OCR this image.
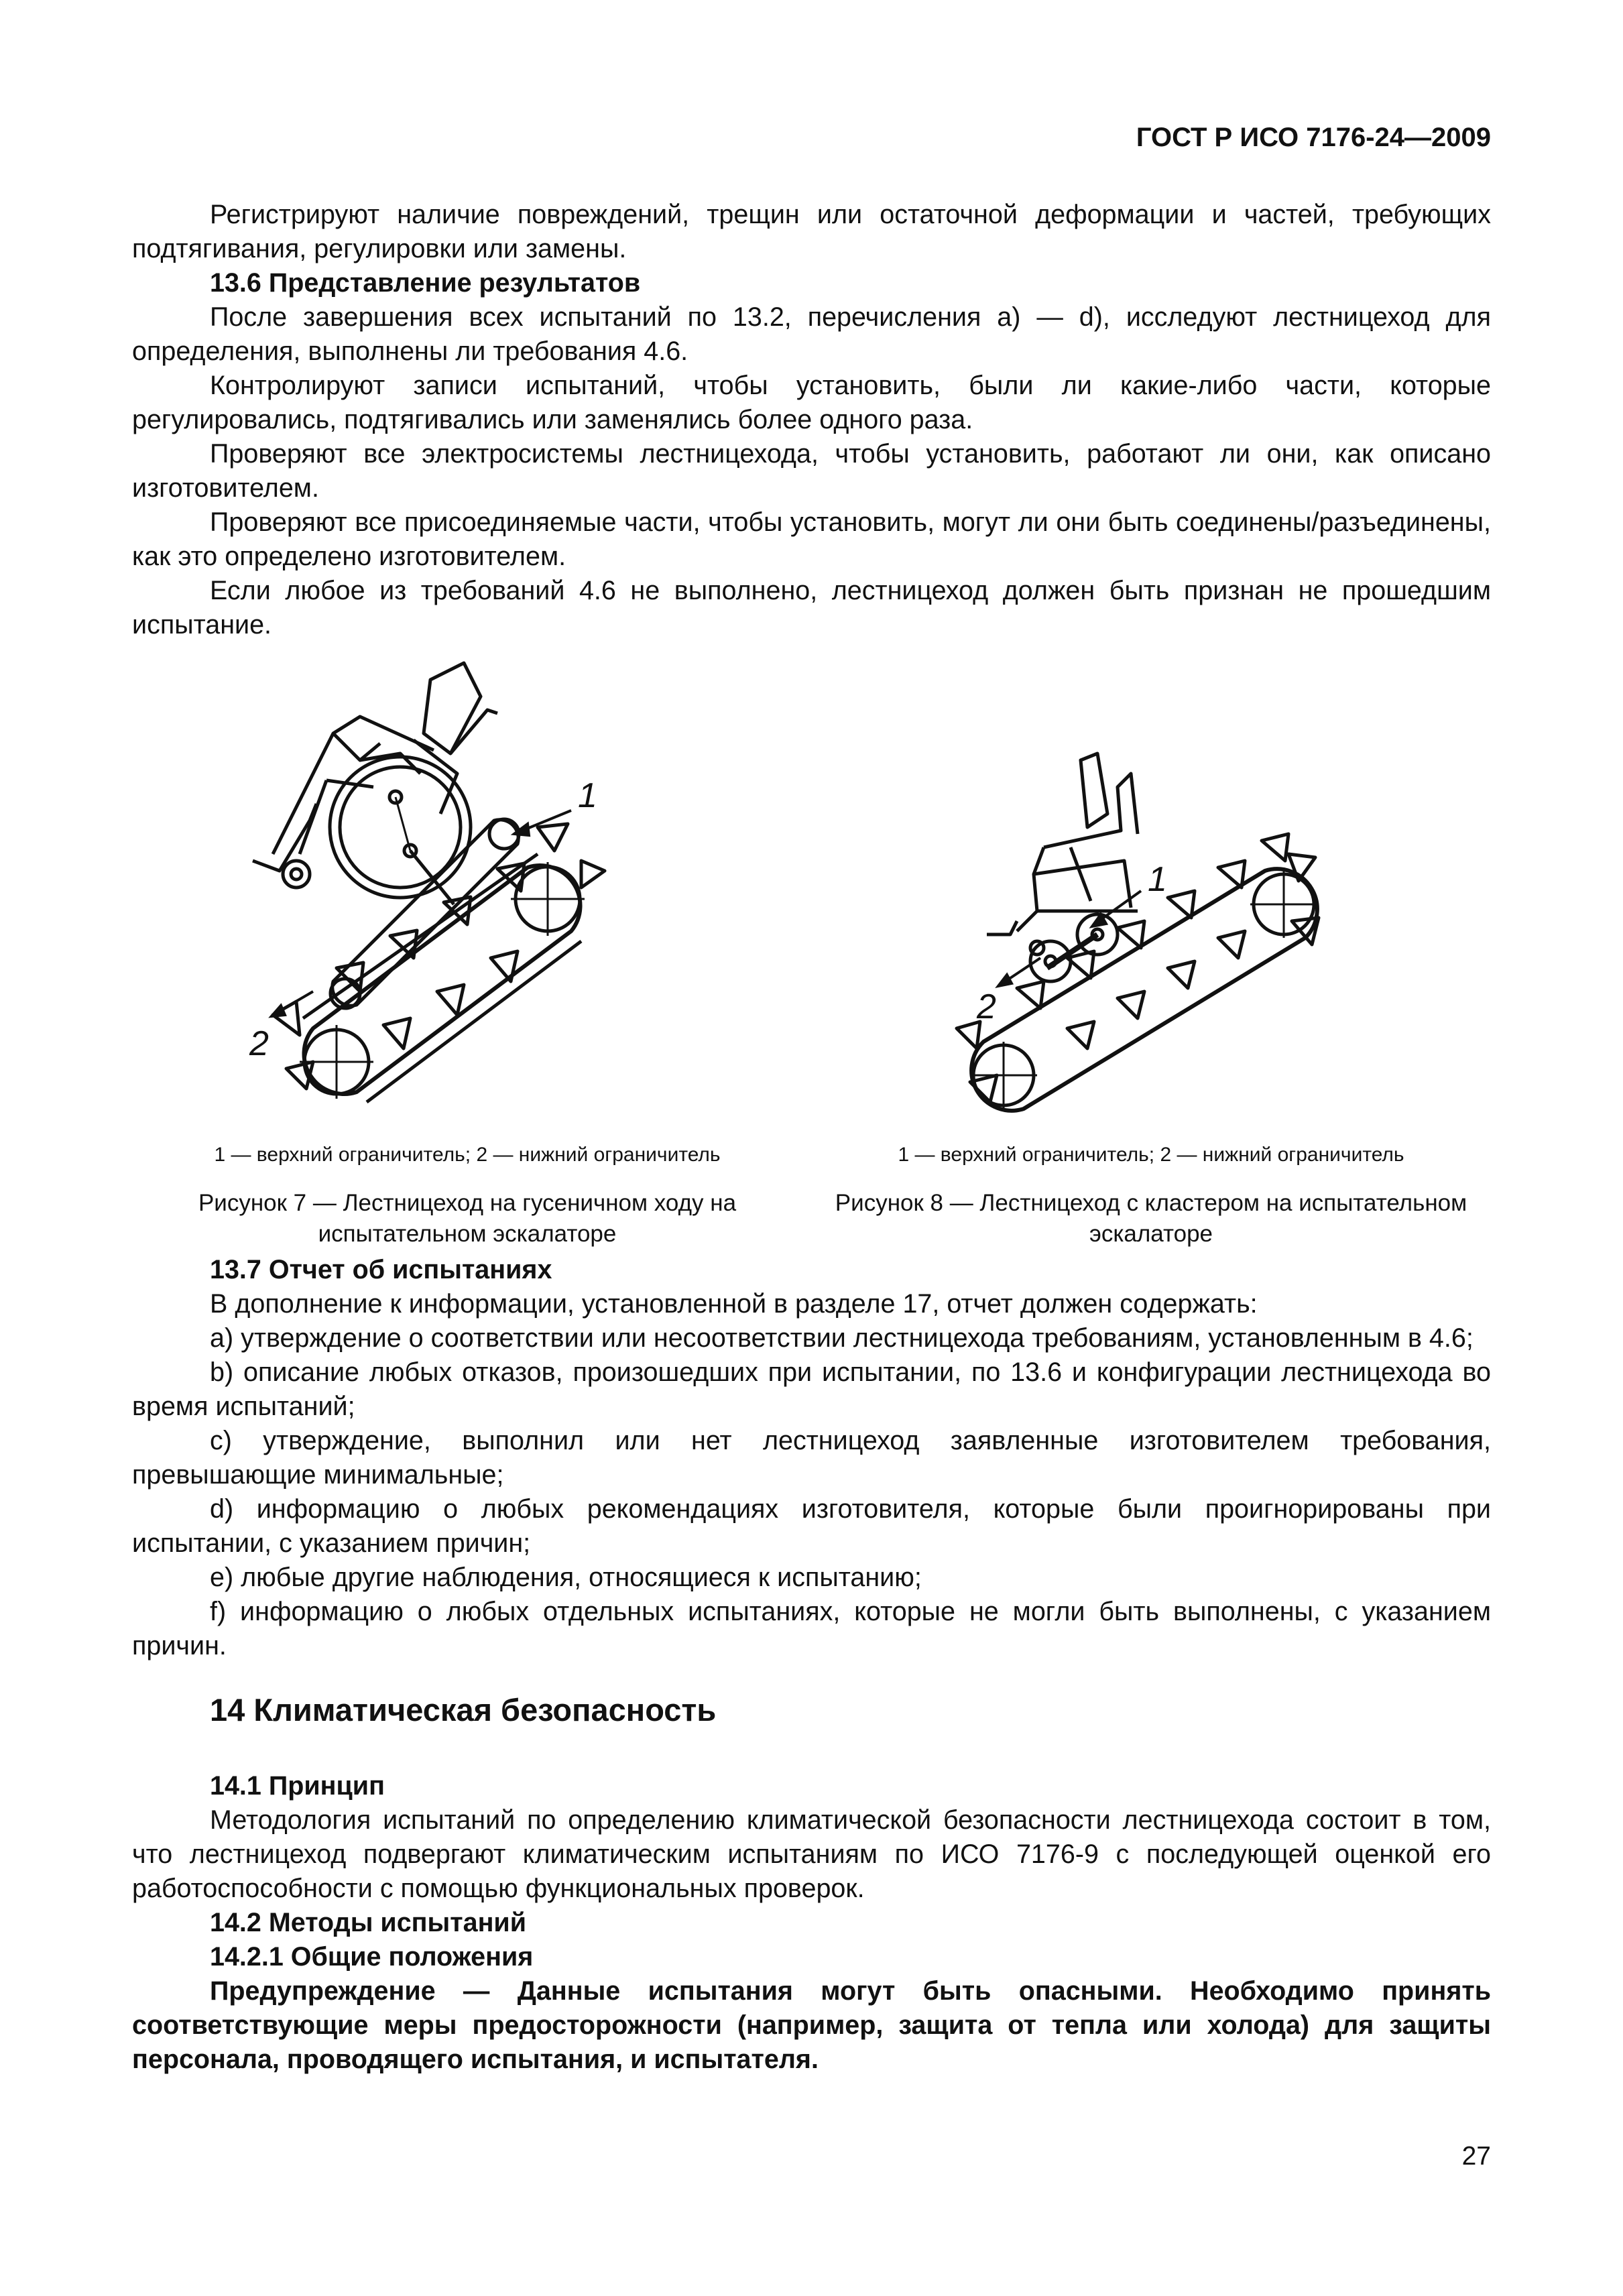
ГОСТ Р ИСО 7176-24—2009

Регистрируют наличие повреждений, трещин или остаточной деформации и частей, требующих подтягивания, регулировки или замены.

13.6 Представление результатов

После завершения всех испытаний по 13.2, перечисления а) — d), исследуют лестницеход для определения, выполнены ли требования 4.6.

Контролируют записи испытаний, чтобы установить, были ли какие-либо части, которые регулировались, подтягивались или заменялись более одного раза.

Проверяют все электросистемы лестницехода, чтобы установить, работают ли они, как описано изготовителем.

Проверяют все присоединяемые части, чтобы установить, могут ли они быть соединены/разъединены, как это определено изготовителем.

Если любое из требований 4.6 не выполнено, лестницеход должен быть признан не прошедшим испытание.

1
2
1 — верхний ограничитель; 2 — нижний ограничитель
Рисунок 7 — Лестницеход на гусеничном ходу на испытательном эскалаторе
1
2
1 — верхний ограничитель; 2 — нижний ограничитель
Рисунок 8 — Лестницеход с кластером на испытательном эскалаторе

13.7 Отчет об испытаниях

В дополнение к информации, установленной в разделе 17, отчет должен содержать:

a) утверждение о соответствии или несоответствии лестницехода требованиям, установленным в 4.6;

b) описание любых отказов, произошедших при испытании, по 13.6 и конфигурации лестницехода во время испытаний;

c) утверждение, выполнил или нет лестницеход заявленные изготовителем требования, превышающие минимальные;

d) информацию о любых рекомендациях изготовителя, которые были проигнорированы при испытании, с указанием причин;

e) любые другие наблюдения, относящиеся к испытанию;

f) информацию о любых отдельных испытаниях, которые не могли быть выполнены, с указанием причин.

14 Климатическая безопасность

14.1 Принцип

Методология испытаний по определению климатической безопасности лестницехода состоит в том, что лестницеход подвергают климатическим испытаниям по ИСО 7176-9 с последующей оценкой его работоспособности с помощью функциональных проверок.

14.2 Методы испытаний

14.2.1 Общие положения

Предупреждение — Данные испытания могут быть опасными. Необходимо принять соответствующие меры предосторожности (например, защита от тепла или холода) для защиты персонала, проводящего испытания, и испытателя.

27
